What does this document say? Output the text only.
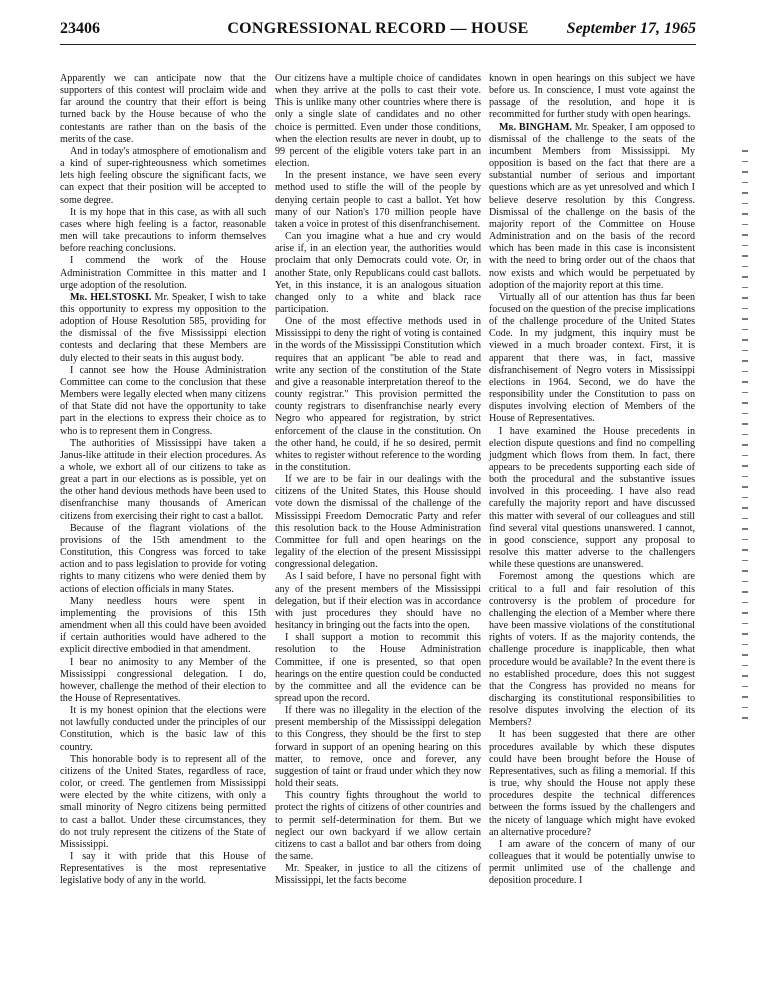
23406	CONGRESSIONAL RECORD — HOUSE	September 17, 1965

Apparently we can anticipate now that the supporters of this contest will proclaim wide and far around the country that their effort is being turned back by the House because of who the contestants are rather than on the basis of the merits of the case.

And in today's atmosphere of emotionalism and a kind of super-righteousness which sometimes lets high feeling obscure the significant facts, we can expect that their position will be accepted to some degree.

It is my hope that in this case, as with all such cases where high feeling is a factor, reasonable men will take precautions to inform themselves before reaching conclusions.

I commend the work of the House Administration Committee in this matter and I urge adoption of the resolution.

Mr. HELSTOSKI. Mr. Speaker, I wish to take this opportunity to express my opposition to the adoption of House Resolution 585, providing for the dismissal of the five Mississippi election contests and declaring that these Members are duly elected to their seats in this august body.

I cannot see how the House Administration Committee can come to the conclusion that these Members were legally elected when many citizens of that State did not have the opportunity to take part in the elections to express their choice as to who is to represent them in Congress.

The authorities of Mississippi have taken a Janus-like attitude in their election procedures. As a whole, we exhort all of our citizens to take as great a part in our elections as is possible, yet on the other hand devious methods have been used to disenfranchise many thousands of American citizens from exercising their right to cast a ballot.

Because of the flagrant violations of the provisions of the 15th amendment to the Constitution, this Congress was forced to take action and to pass legislation to provide for voting rights to many citizens who were denied them by actions of election officials in many States.

Many needless hours were spent in implementing the provisions of this 15th amendment when all this could have been avoided if certain authorities would have adhered to the explicit directive embodied in that amendment.

I bear no animosity to any Member of the Mississippi congressional delegation. I do, however, challenge the method of their election to the House of Representatives.

It is my honest opinion that the elections were not lawfully conducted under the principles of our Constitution, which is the basic law of this country.

This honorable body is to represent all of the citizens of the United States, regardless of race, color, or creed. The gentlemen from Mississippi were elected by the white citizens, with only a small minority of Negro citizens being permitted to cast a ballot. Under these circumstances, they do not truly represent the citizens of the State of Mississippi.

I say it with pride that this House of Representatives is the most representative legislative body of any in the world.

Our citizens have a multiple choice of candidates when they arrive at the polls to cast their vote. This is unlike many other countries where there is only a single slate of candidates and no other choice is permitted. Even under those conditions, when the election results are never in doubt, up to 99 percent of the eligible voters take part in an election.

In the present instance, we have seen every method used to stifle the will of the people by denying certain people to cast a ballot. Yet how many of our Nation's 170 million people have taken a voice in protest of this disenfranchisement.

Can you imagine what a hue and cry would arise if, in an election year, the authorities would proclaim that only Democrats could vote. Or, in another State, only Republicans could cast ballots. Yet, in this instance, it is an analogous situation changed only to a white and black race participation.

One of the most effective methods used in Mississippi to deny the right of voting is contained in the words of the Mississippi Constitution which requires that an applicant "be able to read and write any section of the constitution of the State and give a reasonable interpretation thereof to the county registrar." This provision permitted the county registrars to disenfranchise nearly every Negro who appeared for registration, by strict enforcement of the clause in the constitution. On the other hand, he could, if he so desired, permit whites to register without reference to the wording in the constitution.

If we are to be fair in our dealings with the citizens of the United States, this House should vote down the dismissal of the challenge of the Mississippi Freedom Democratic Party and refer this resolution back to the House Administration Committee for full and open hearings on the legality of the election of the present Mississippi congressional delegation.

As I said before, I have no personal fight with any of the present members of the Mississippi delegation, but if their election was in accordance with just procedures they should have no hesitancy in bringing out the facts into the open.

I shall support a motion to recommit this resolution to the House Administration Committee, if one is presented, so that open hearings on the entire question could be conducted by the committee and all the evidence can be spread upon the record.

If there was no illegality in the election of the present membership of the Mississippi delegation to this Congress, they should be the first to step forward in support of an opening hearing on this matter, to remove, once and forever, any suggestion of taint or fraud under which they now hold their seats.

This country fights throughout the world to protect the rights of citizens of other countries and to permit self-determination for them. But we neglect our own backyard if we allow certain citizens to cast a ballot and bar others from doing the same.

Mr. Speaker, in justice to all the citizens of Mississippi, let the facts become

known in open hearings on this subject we have before us. In conscience, I must vote against the passage of the resolution, and hope it is recommitted for further study with open hearings.

Mr. BINGHAM. Mr. Speaker, I am opposed to dismissal of the challenge to the seats of the incumbent Members from Mississippi. My opposition is based on the fact that there are a substantial number of serious and important questions which are as yet unresolved and which I believe deserve resolution by this Congress. Dismissal of the challenge on the basis of the majority report of the Committee on House Administration and on the basis of the record which has been made in this case is inconsistent with the need to bring order out of the chaos that now exists and which would be perpetuated by adoption of the majority report at this time.

Virtually all of our attention has thus far been focused on the question of the precise implications of the challenge procedure of the United States Code. In my judgment, this inquiry must be viewed in a much broader context. First, it is apparent that there was, in fact, massive disfranchisement of Negro voters in Mississippi elections in 1964. Second, we do have the responsibility under the Constitution to pass on disputes involving election of Members of the House of Representatives.

I have examined the House precedents in election dispute questions and find no compelling judgment which flows from them. In fact, there appears to be precedents supporting each side of both the procedural and the substantive issues involved in this proceeding. I have also read carefully the majority report and have discussed this matter with several of our colleagues and still find several vital questions unanswered. I cannot, in good conscience, support any proposal to resolve this matter adverse to the challengers while these questions are unanswered.

Foremost among the questions which are critical to a full and fair resolution of this controversy is the problem of procedure for challenging the election of a Member where there have been massive violations of the constitutional rights of voters. If as the majority contends, the challenge procedure is inapplicable, then what procedure would be available? In the event there is no established procedure, does this not suggest that the Congress has provided no means for discharging its constitutional responsibilities to resolve disputes involving the election of its Members?

It has been suggested that there are other procedures available by which these disputes could have been brought before the House of Representatives, such as filing a memorial. If this is true, why should the House not apply these procedures despite the technical differences between the forms issued by the challengers and the nicety of language which might have evoked an alternative procedure?

I am aware of the concern of many of our colleagues that it would be potentially unwise to permit unlimited use of the challenge and deposition procedure. I
